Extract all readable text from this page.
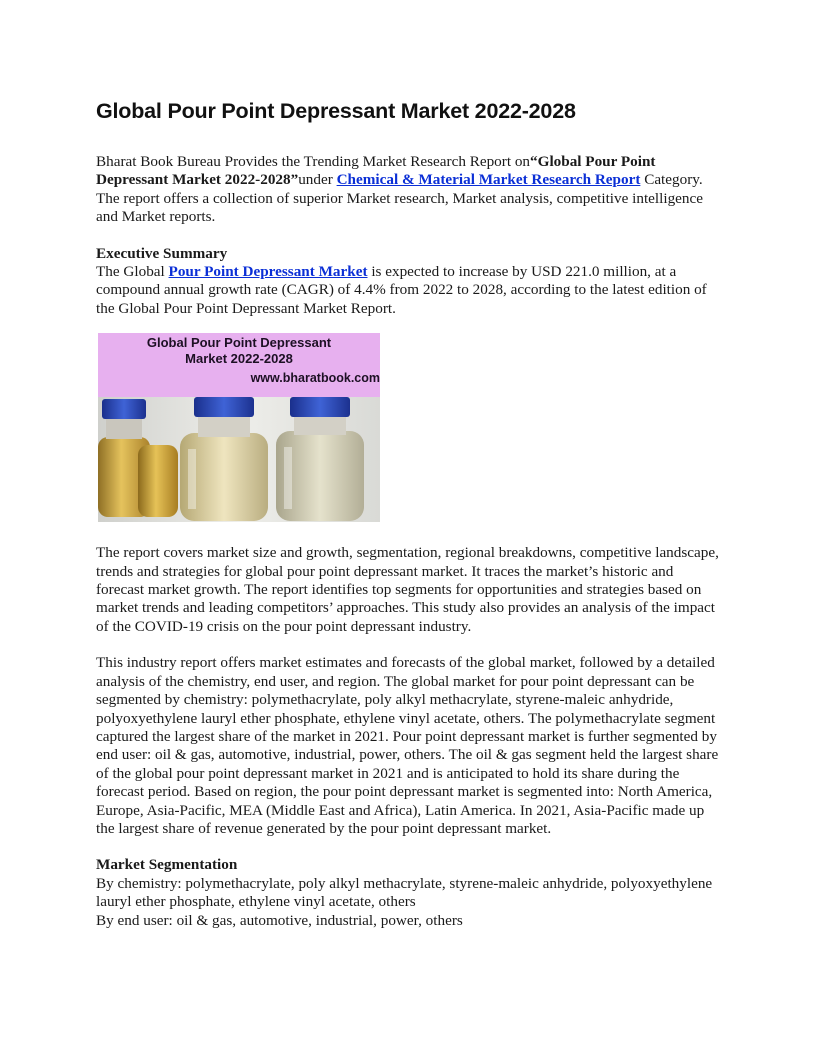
Global Pour Point Depressant Market 2022-2028

Bharat Book Bureau Provides the Trending Market Research Report on“Global Pour Point Depressant Market 2022-2028”under Chemical & Material Market Research Report Category. The report offers a collection of superior Market research, Market analysis, competitive intelligence and Market reports.

Executive Summary
The Global Pour Point Depressant Market is expected to increase by USD 221.0 million, at a compound annual growth rate (CAGR) of 4.4% from 2022 to 2028, according to the latest edition of the Global Pour Point Depressant Market Report.
Global Pour Point Depressant
Market 2022-2028
www.bharatbook.com

The report covers market size and growth, segmentation, regional breakdowns, competitive landscape, trends and strategies for global pour point depressant market. It traces the market’s historic and forecast market growth. The report identifies top segments for opportunities and strategies based on market trends and leading competitors’ approaches. This study also provides an analysis of the impact of the COVID-19 crisis on the pour point depressant industry.

This industry report offers market estimates and forecasts of the global market, followed by a detailed analysis of the chemistry, end user, and region. The global market for pour point depressant can be segmented by chemistry: polymethacrylate, poly alkyl methacrylate, styrene-maleic anhydride, polyoxyethylene lauryl ether phosphate, ethylene vinyl acetate, others. The polymethacrylate segment captured the largest share of the market in 2021. Pour point depressant market is further segmented by end user: oil & gas, automotive, industrial, power, others. The oil & gas segment held the largest share of the global pour point depressant market in 2021 and is anticipated to hold its share during the forecast period. Based on region, the pour point depressant market is segmented into: North America, Europe, Asia-Pacific, MEA (Middle East and Africa), Latin America. In 2021, Asia-Pacific made up the largest share of revenue generated by the pour point depressant market.

Market Segmentation
By chemistry: polymethacrylate, poly alkyl methacrylate, styrene-maleic anhydride, polyoxyethylene lauryl ether phosphate, ethylene vinyl acetate, others
By end user: oil & gas, automotive, industrial, power, others
